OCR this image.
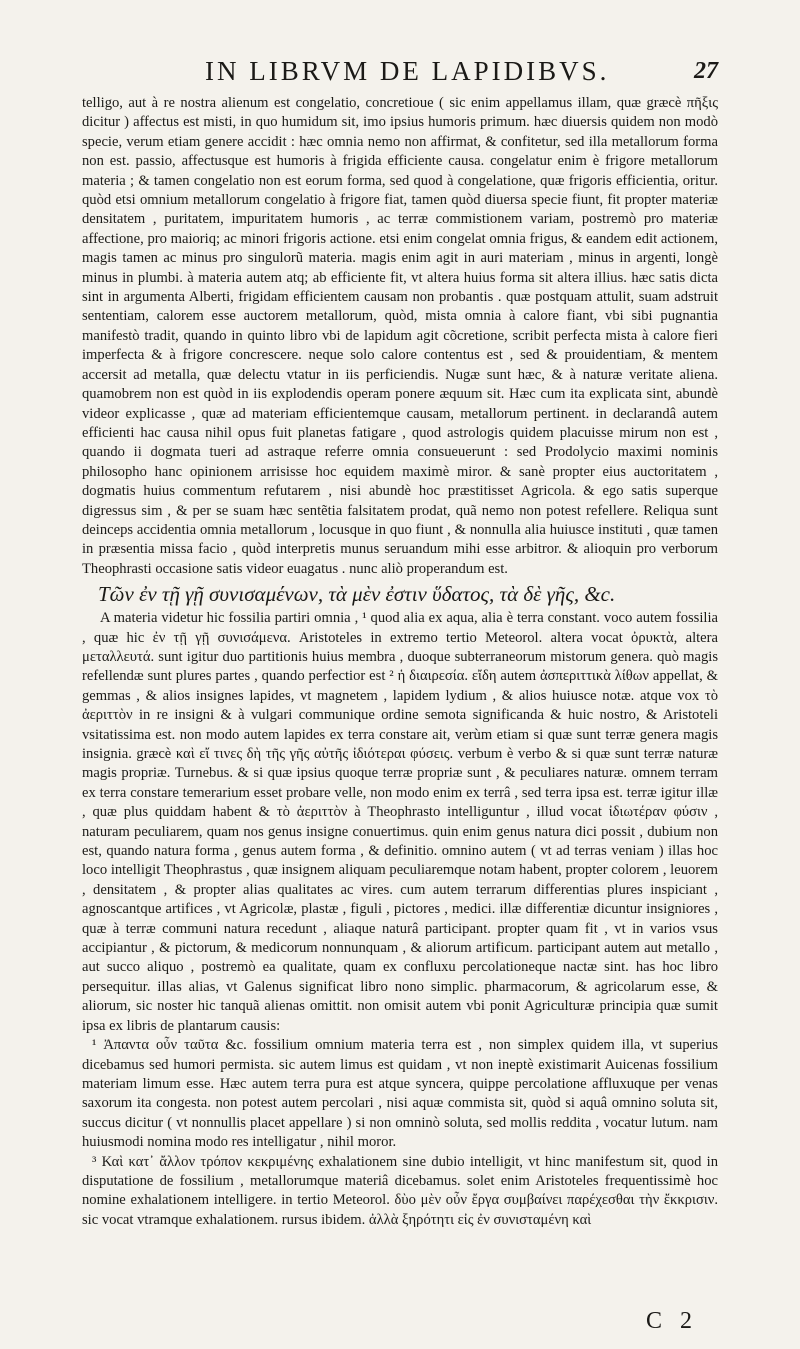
IN LIBRVM DE LAPIDIBVS.	27

telligo, aut à re nostra alienum est congelatio, concretioue ( sic enim appellamus illam, quæ græcè πῆξις dicitur ) affectus est misti, in quo humidum sit, imo ipsius humoris primum. hæc diuersis quidem non modò specie, verum etiam genere accidit : hæc omnia nemo non affirmat, & confitetur, sed illa metallorum forma non est. passio, affectusque est humoris à frigida efficiente causa. congelatur enim è frigore metallorum materia ; & tamen congelatio non est eorum forma, sed quod à congelatione, quæ frigoris efficientia, oritur. quòd etsi omnium metallorum congelatio à frigore fiat, tamen quòd diuersa specie fiunt, fit propter materiæ densitatem , puritatem, impuritatem humoris , ac terræ commistionem variam, postremò pro materiæ affectione, pro maioriq; ac minori frigoris actione. etsi enim congelat omnia frigus, & eandem edit actionem, magis tamen ac minus pro singulorũ materia. magis enim agit in auri materiam , minus in argenti, longè minus in plumbi. à materia autem atq; ab efficiente fit, vt altera huius forma sit altera illius. hæc satis dicta sint in argumenta Alberti, frigidam efficientem causam non probantis . quæ postquam attulit, suam adstruit sententiam, calorem esse auctorem metallorum, quòd, mista omnia à calore fiant, vbi sibi pugnantia manifestò tradit, quando in quinto libro vbi de lapidum agit cõcretione, scribit perfecta mista à calore fieri imperfecta & à frigore concrescere. neque solo calore contentus est , sed & prouidentiam, & mentem accersit ad metalla, quæ delectu vtatur in iis perficiendis. Nugæ sunt hæc, & à naturæ veritate aliena. quamobrem non est quòd in iis explodendis operam ponere æquum sit. Hæc cum ita explicata sint, abundè videor explicasse , quæ ad materiam efficientemque causam, metallorum pertinent. in declarandâ autem efficienti hac causa nihil opus fuit planetas fatigare , quod astrologis quidem placuisse mirum non est , quando ii dogmata tueri ad astraque referre omnia consueuerunt : sed Prodolycio maximi nominis philosopho hanc opinionem arrisisse hoc equidem maximè miror. & sanè propter eius auctoritatem , dogmatis huius commentum refutarem , nisi abundè hoc præstitisset Agricola. & ego satis superque digressus sim , & per se suam hæc sentẽtia falsitatem prodat, quã nemo non potest refellere. Reliqua sunt deinceps accidentia omnia metallorum , locusque in quo fiunt , & nonnulla alia huiusce instituti , quæ tamen in præsentia missa facio , quòd interpretis munus seruandum mihi esse arbitror. & alioquin pro verborum Theophrasti occasione satis videor euagatus . nunc aliò properandum est.

Τῶν ἐν τῇ γῇ συνισαμένων, τὰ μὲν ἐστιν ὕδατος, τὰ δὲ γῆς, &c.

A materia videtur hic fossilia partiri omnia , ¹ quod alia ex aqua, alia è terra constant. voco autem fossilia , quæ hic ἐν τῇ γῇ συνισάμενα. Aristoteles in extremo tertio Meteorol. altera vocat ὀρυκτὰ, altera μεταλλευτά. sunt igitur duo partitionis huius membra , duoque subterraneorum mistorum genera. quò magis refellendæ sunt plures partes , quando perfectior est ² ἡ διαιρεσία. εἴδη autem ἀσπεριττικὰ λίθων appellat, & gemmas , & alios insignes lapides, vt magnetem , lapidem lydium , & alios huiusce notæ. atque vox τὸ ἀεριττὸν in re insigni & à vulgari communique ordine semota significanda & huic nostro, & Aristoteli vsitatissima est. non modo autem lapides ex terra constare ait, verùm etiam si quæ sunt terræ genera magis insignia. græcè καὶ εἴ τινες δὴ τῆς γῆς αὐτῆς ἰδιότεραι φύσεις. verbum è verbo & si quæ sunt terræ naturæ magis propriæ. Turnebus. & si quæ ipsius quoque terræ propriæ sunt , & peculiares naturæ. omnem terram ex terra constare temerarium esset probare velle, non modo enim ex terrâ , sed terra ipsa est. terræ igitur illæ , quæ plus quiddam habent & τὸ ἀεριττὸν à Theophrasto intelliguntur , illud vocat ἰδιωτέραν φύσιν , naturam peculiarem, quam nos genus insigne conuertimus. quin enim genus natura dici possit , dubium non est, quando natura forma , genus autem forma , & definitio. omnino autem ( vt ad terras veniam ) illas hoc loco intelligit Theophrastus , quæ insignem aliquam peculiaremque notam habent, propter colorem , leuorem , densitatem , & propter alias qualitates ac vires. cum autem terrarum differentias plures inspiciant , agnoscantque artifices , vt Agricolæ, plastæ , figuli , pictores , medici. illæ differentiæ dicuntur insigniores , quæ à terræ communi natura recedunt , aliaque naturâ participant. propter quam fit , vt in varios vsus accipiantur , & pictorum, & medicorum nonnunquam , & aliorum artificum. participant autem aut metallo , aut succo aliquo , postremò ea qualitate, quam ex confluxu percolationeque nactæ sint. has hoc libro persequitur. illas alias, vt Galenus significat libro nono simplic. pharmacorum, & agricolarum esse, & aliorum, sic noster hic tanquã alienas omittit. non omisit autem vbi ponit Agriculturæ principia quæ sumit ipsa ex libris de plantarum causis:

¹ Ἀπαντα οὖν ταῦτα &c. fossilium omnium materia terra est , non simplex quidem illa, vt superius dicebamus sed humori permista. sic autem limus est quidam , vt non ineptè existimarit Auicenas fossilium materiam limum esse. Hæc autem terra pura est atque syncera, quippe percolatione affluxuque per venas saxorum ita congesta. non potest autem percolari , nisi aquæ commista sit, quòd si aquâ omnino soluta sit, succus dicitur ( vt nonnullis placet appellare ) si non omninò soluta, sed mollis reddita , vocatur lutum. nam huiusmodi nomina modo res intelligatur , nihil moror.

³ Καὶ κατ᾽ ἄλλον τρόπον κεκριμένης exhalationem sine dubio intelligit, vt hinc manifestum sit, quod in disputatione de fossilium , metallorumque materiâ dicebamus. solet enim Aristoteles frequentissimè hoc nomine exhalationem intelligere. in tertio Meteorol. δὺο μὲν οὖν ἔργα συμβαίνει παρέχεσθαι τὴν ἔκκρισιν. sic vocat vtramque exhalationem. rursus ibidem. ἀλλὰ ξηρότητι εἰς ἐν συνισταμένη καὶ

C 2
